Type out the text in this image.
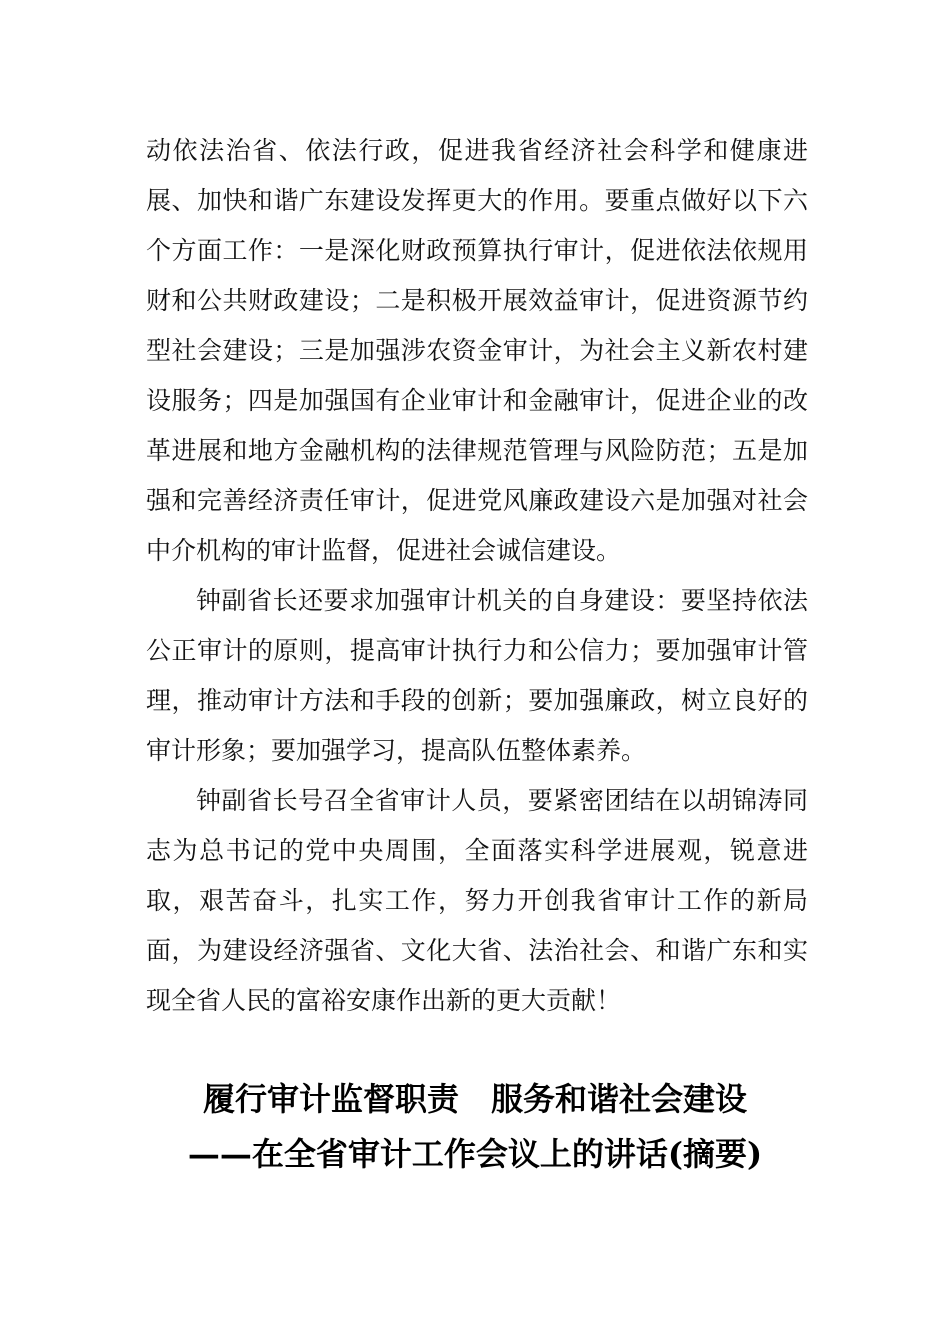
动依法治省、依法行政，促进我省经济社会科学和健康进展、加快和谐广东建设发挥更大的作用。要重点做好以下六个方面工作：一是深化财政预算执行审计，促进依法依规用财和公共财政建设；二是积极开展效益审计，促进资源节约型社会建设；三是加强涉农资金审计，为社会主义新农村建设服务；四是加强国有企业审计和金融审计，促进企业的改革进展和地方金融机构的法律规范管理与风险防范；五是加强和完善经济责任审计，促进党风廉政建设六是加强对社会中介机构的审计监督，促进社会诚信建设。

钟副省长还要求加强审计机关的自身建设：要坚持依法公正审计的原则，提高审计执行力和公信力；要加强审计管理，推动审计方法和手段的创新；要加强廉政，树立良好的审计形象；要加强学习，提高队伍整体素养。

钟副省长号召全省审计人员，要紧密团结在以胡锦涛同志为总书记的党中央周围，全面落实科学进展观，锐意进取，艰苦奋斗，扎实工作，努力开创我省审计工作的新局面，为建设经济强省、文化大省、法治社会、和谐广东和实现全省人民的富裕安康作出新的更大贡献！

履行审计监督职责　服务和谐社会建设
——在全省审计工作会议上的讲话(摘要)
